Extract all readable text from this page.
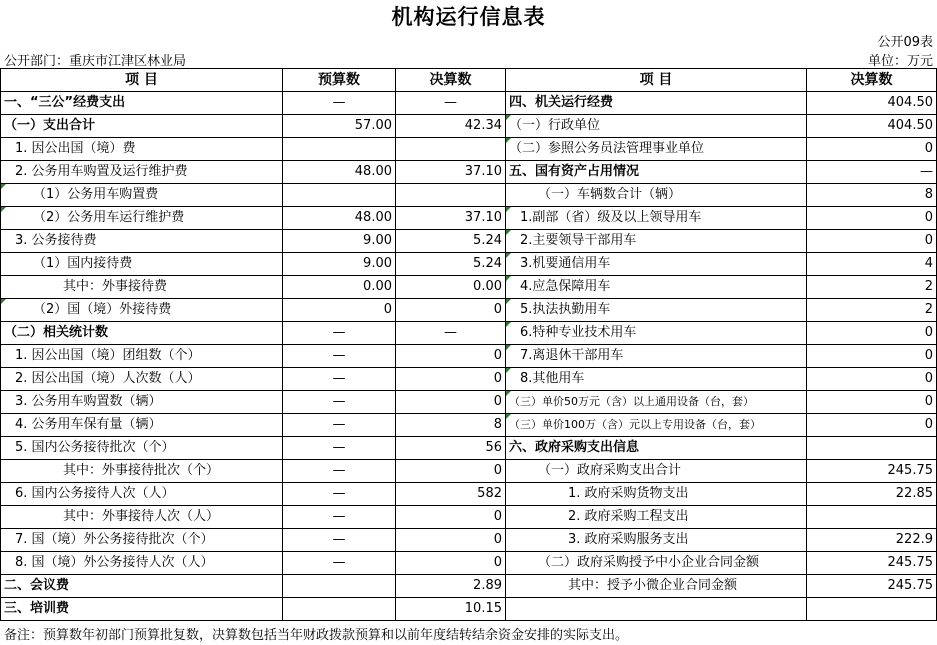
机构运行信息表
公开09表
公开部门：重庆市江津区林业局	单位：万元
项 目	预算数	决算数	项 目	决算数
一、“三公”经费支出	—	—	四、机关运行经费	404.50
（一）支出合计	57.00	42.34	（一）行政单位	404.50
1. 因公出国（境）费			（二）参照公务员法管理事业单位	0
2. 公务用车购置及运行维护费	48.00	37.10	五、国有资产占用情况	—
（1）公务用车购置费			（一）车辆数合计（辆）	8
（2）公务用车运行维护费	48.00	37.10	1.副部（省）级及以上领导用车	0
3. 公务接待费	9.00	5.24	2.主要领导干部用车	0
（1）国内接待费	9.00	5.24	3.机要通信用车	4
其中：外事接待费	0.00	0.00	4.应急保障用车	2
（2）国（境）外接待费	0	0	5.执法执勤用车	2
（二）相关统计数	—	—	6.特种专业技术用车	0
1. 因公出国（境）团组数（个）	—	0	7.离退休干部用车	0
2. 因公出国（境）人次数（人）	—	0	8.其他用车	0
3. 公务用车购置数（辆）	—	0	（三）单价50万元（含）以上通用设备（台，套）	0
4. 公务用车保有量（辆）	—	8	（三）单价100万（含）元以上专用设备（台，套）	0
5. 国内公务接待批次（个）	—	56	六、政府采购支出信息	
其中：外事接待批次（个）	—	0	（一）政府采购支出合计	245.75
6. 国内公务接待人次（人）	—	582	1. 政府采购货物支出	22.85
其中：外事接待人次（人）	—	0	2. 政府采购工程支出	
7. 国（境）外公务接待批次（个）	—	0	3. 政府采购服务支出	222.9
8. 国（境）外公务接待人次（人）	—	0	（二）政府采购授予中小企业合同金额	245.75
二、会议费		2.89	其中：授予小微企业合同金额	245.75
三、培训费		10.15		
备注：预算数年初部门预算批复数，决算数包括当年财政拨款预算和以前年度结转结余资金安排的实际支出。
